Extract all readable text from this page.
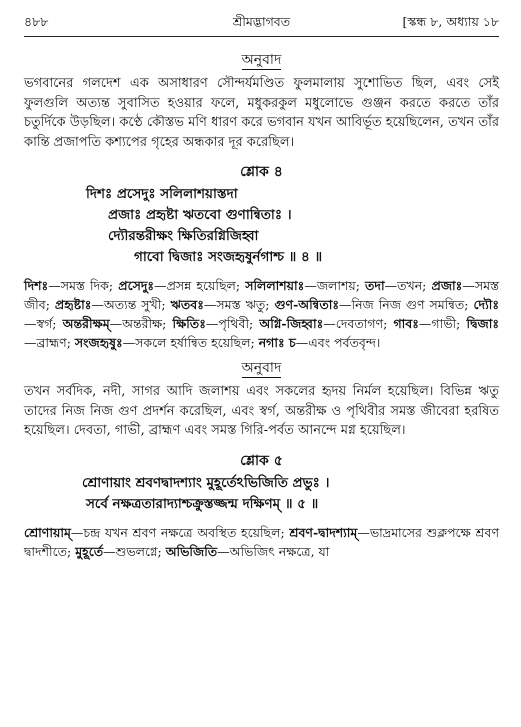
৪৮৮	শ্রীমদ্ভাগবত	[স্কন্ধ ৮, অধ্যায় ১৮
অনুবাদ

ভগবানের গলদেশ এক অসাধারণ সৌন্দর্যমণ্ডিত ফুলমালায় সুশোভিত ছিল, এবং সেই ফুলগুলি অত্যন্ত সুবাসিত হওয়ার ফলে, মধুকরকুল মধুলোভে গুঞ্জন করতে করতে তাঁর চতুর্দিকে উড়ছিল। কণ্ঠে কৌস্তভ মণি ধারণ করে ভগবান যখন আবির্ভূত হয়েছিলেন, তখন তাঁর কান্তি প্রজাপতি কশ্যপের গৃহের অন্ধকার দূর করেছিল।

শ্লোক ৪
দিশঃ প্রসেদুঃ সলিলাশয়াস্তদা
প্রজাঃ প্রহৃষ্টা ঋতবো গুণান্বিতাঃ ।
দ্যৌরন্তরীক্ষং ক্ষিতিরগ্নিজিহ্বা
গাবো দ্বিজাঃ সংজহৃষুর্নগাশ্চ ॥ ৪ ॥

দিশঃ—সমস্ত দিক; প্রসেদুঃ—প্রসন্ন হয়েছিল; সলিলাশয়াঃ—জলাশয়; তদা—তখন; প্রজাঃ—সমস্ত জীব; প্রহৃষ্টাঃ—অত্যন্ত সুখী; ঋতবঃ—সমস্ত ঋতু; গুণ-অন্বিতাঃ—নিজ নিজ গুণ সমন্বিত; দ্যৌঃ—স্বর্গ; অন্তরীক্ষম্—অন্তরীক্ষ; ক্ষিতিঃ—পৃথিবী; অগ্নি-জিহ্বাঃ—দেবতাগণ; গাবঃ—গাভী; দ্বিজাঃ—ব্রাহ্মণ; সংজহৃষুঃ—সকলে হর্ষান্বিত হয়েছিল; নগাঃ চ—এবং পর্বতবৃন্দ।

অনুবাদ

তখন সর্বদিক, নদী, সাগর আদি জলাশয় এবং সকলের হৃদয় নির্মল হয়েছিল। বিভিন্ন ঋতু তাদের নিজ নিজ গুণ প্রদর্শন করেছিল, এবং স্বর্গ, অন্তরীক্ষ ও পৃথিবীর সমস্ত জীবেরা হরষিত হয়েছিল। দেবতা, গাভী, ব্রাহ্মণ এবং সমস্ত গিরি-পর্বত আনন্দে মগ্ন হয়েছিল।

শ্লোক ৫
শ্রোণায়াং শ্রবণদ্বাদশ্যাং মুহূর্তেঽভিজিতি প্রভুঃ ।
সর্বে নক্ষত্রতারাদ্যাশ্চক্রুস্তজ্জন্ম দক্ষিণম্ ॥ ৫ ॥

শ্রোণায়াম্—চন্দ্র যখন শ্রবণ নক্ষত্রে অবস্থিত হয়েছিল; শ্রবণ-দ্বাদশ্যাম্—ভাদ্রমাসের শুক্লপক্ষে শ্রবণ দ্বাদশীতে; মুহূর্তে—শুভলগ্নে; অভিজিতি—অভিজিৎ নক্ষত্রে, যা
